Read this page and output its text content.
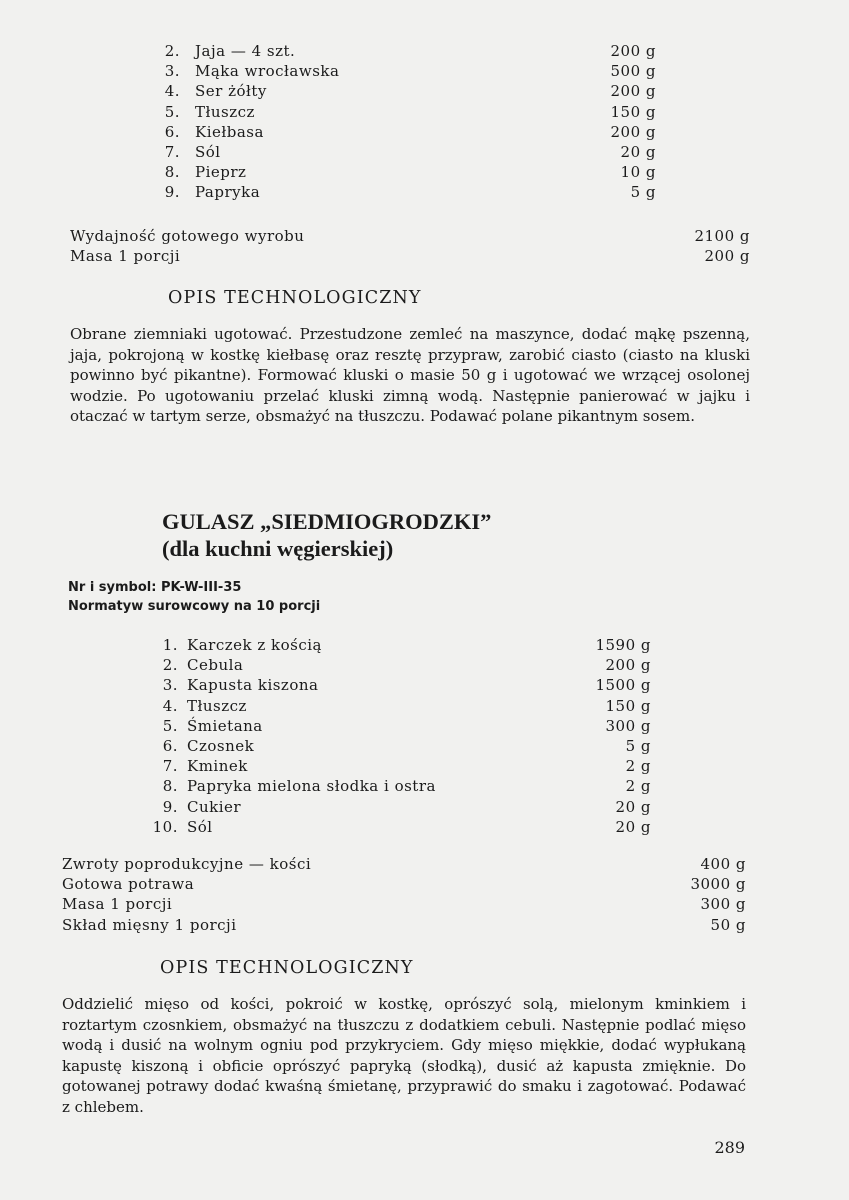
2. Jaja — 4 szt.	200 g
3. Mąka wrocławska	500 g
4. Ser żółty	200 g
5. Tłuszcz	150 g
6. Kiełbasa	200 g
7. Sól	20 g
8. Pieprz	10 g
9. Papryka	5 g
Wydajność gotowego wyrobu	2100 g
Masa 1 porcji	200 g
OPIS TECHNOLOGICZNY

Obrane ziemniaki ugotować. Przestudzone zemleć na maszynce, dodać mąkę pszenną, jaja, pokrojoną w kostkę kiełbasę oraz resztę przypraw, zarobić ciasto (ciasto na kluski powinno być pikantne). Formować kluski o masie 50 g i ugotować we wrzącej osolonej wodzie. Po ugotowaniu przelać kluski zimną wodą. Następnie panierować w jajku i otaczać w tartym serze, obsmażyć na tłuszczu. Podawać polane pikantnym sosem.

GULASZ „SIEDMIOGRODZKI”
(dla kuchni węgierskiej)
Nr i symbol: PK-W-III-35
Normatyw surowcowy na 10 porcji
1. Karczek z kością	1590 g
2. Cebula	200 g
3. Kapusta kiszona	1500 g
4. Tłuszcz	150 g
5. Śmietana	300 g
6. Czosnek	5 g
7. Kminek	2 g
8. Papryka mielona słodka i ostra	2 g
9. Cukier	20 g
10. Sól	20 g
Zwroty poprodukcyjne — kości	400 g
Gotowa potrawa	3000 g
Masa 1 porcji	300 g
Skład mięsny 1 porcji	50 g
OPIS TECHNOLOGICZNY

Oddzielić mięso od kości, pokroić w kostkę, oprószyć solą, mielonym kminkiem i roztartym czosnkiem, obsmażyć na tłuszczu z dodatkiem cebuli. Następnie podlać mięso wodą i dusić na wolnym ogniu pod przykryciem. Gdy mięso miękkie, dodać wypłukaną kapustę kiszoną i obficie oprószyć papryką (słodką), dusić aż kapusta zmięknie. Do gotowanej potrawy dodać kwaśną śmietanę, przyprawić do smaku i zagotować. Podawać z chlebem.

289
